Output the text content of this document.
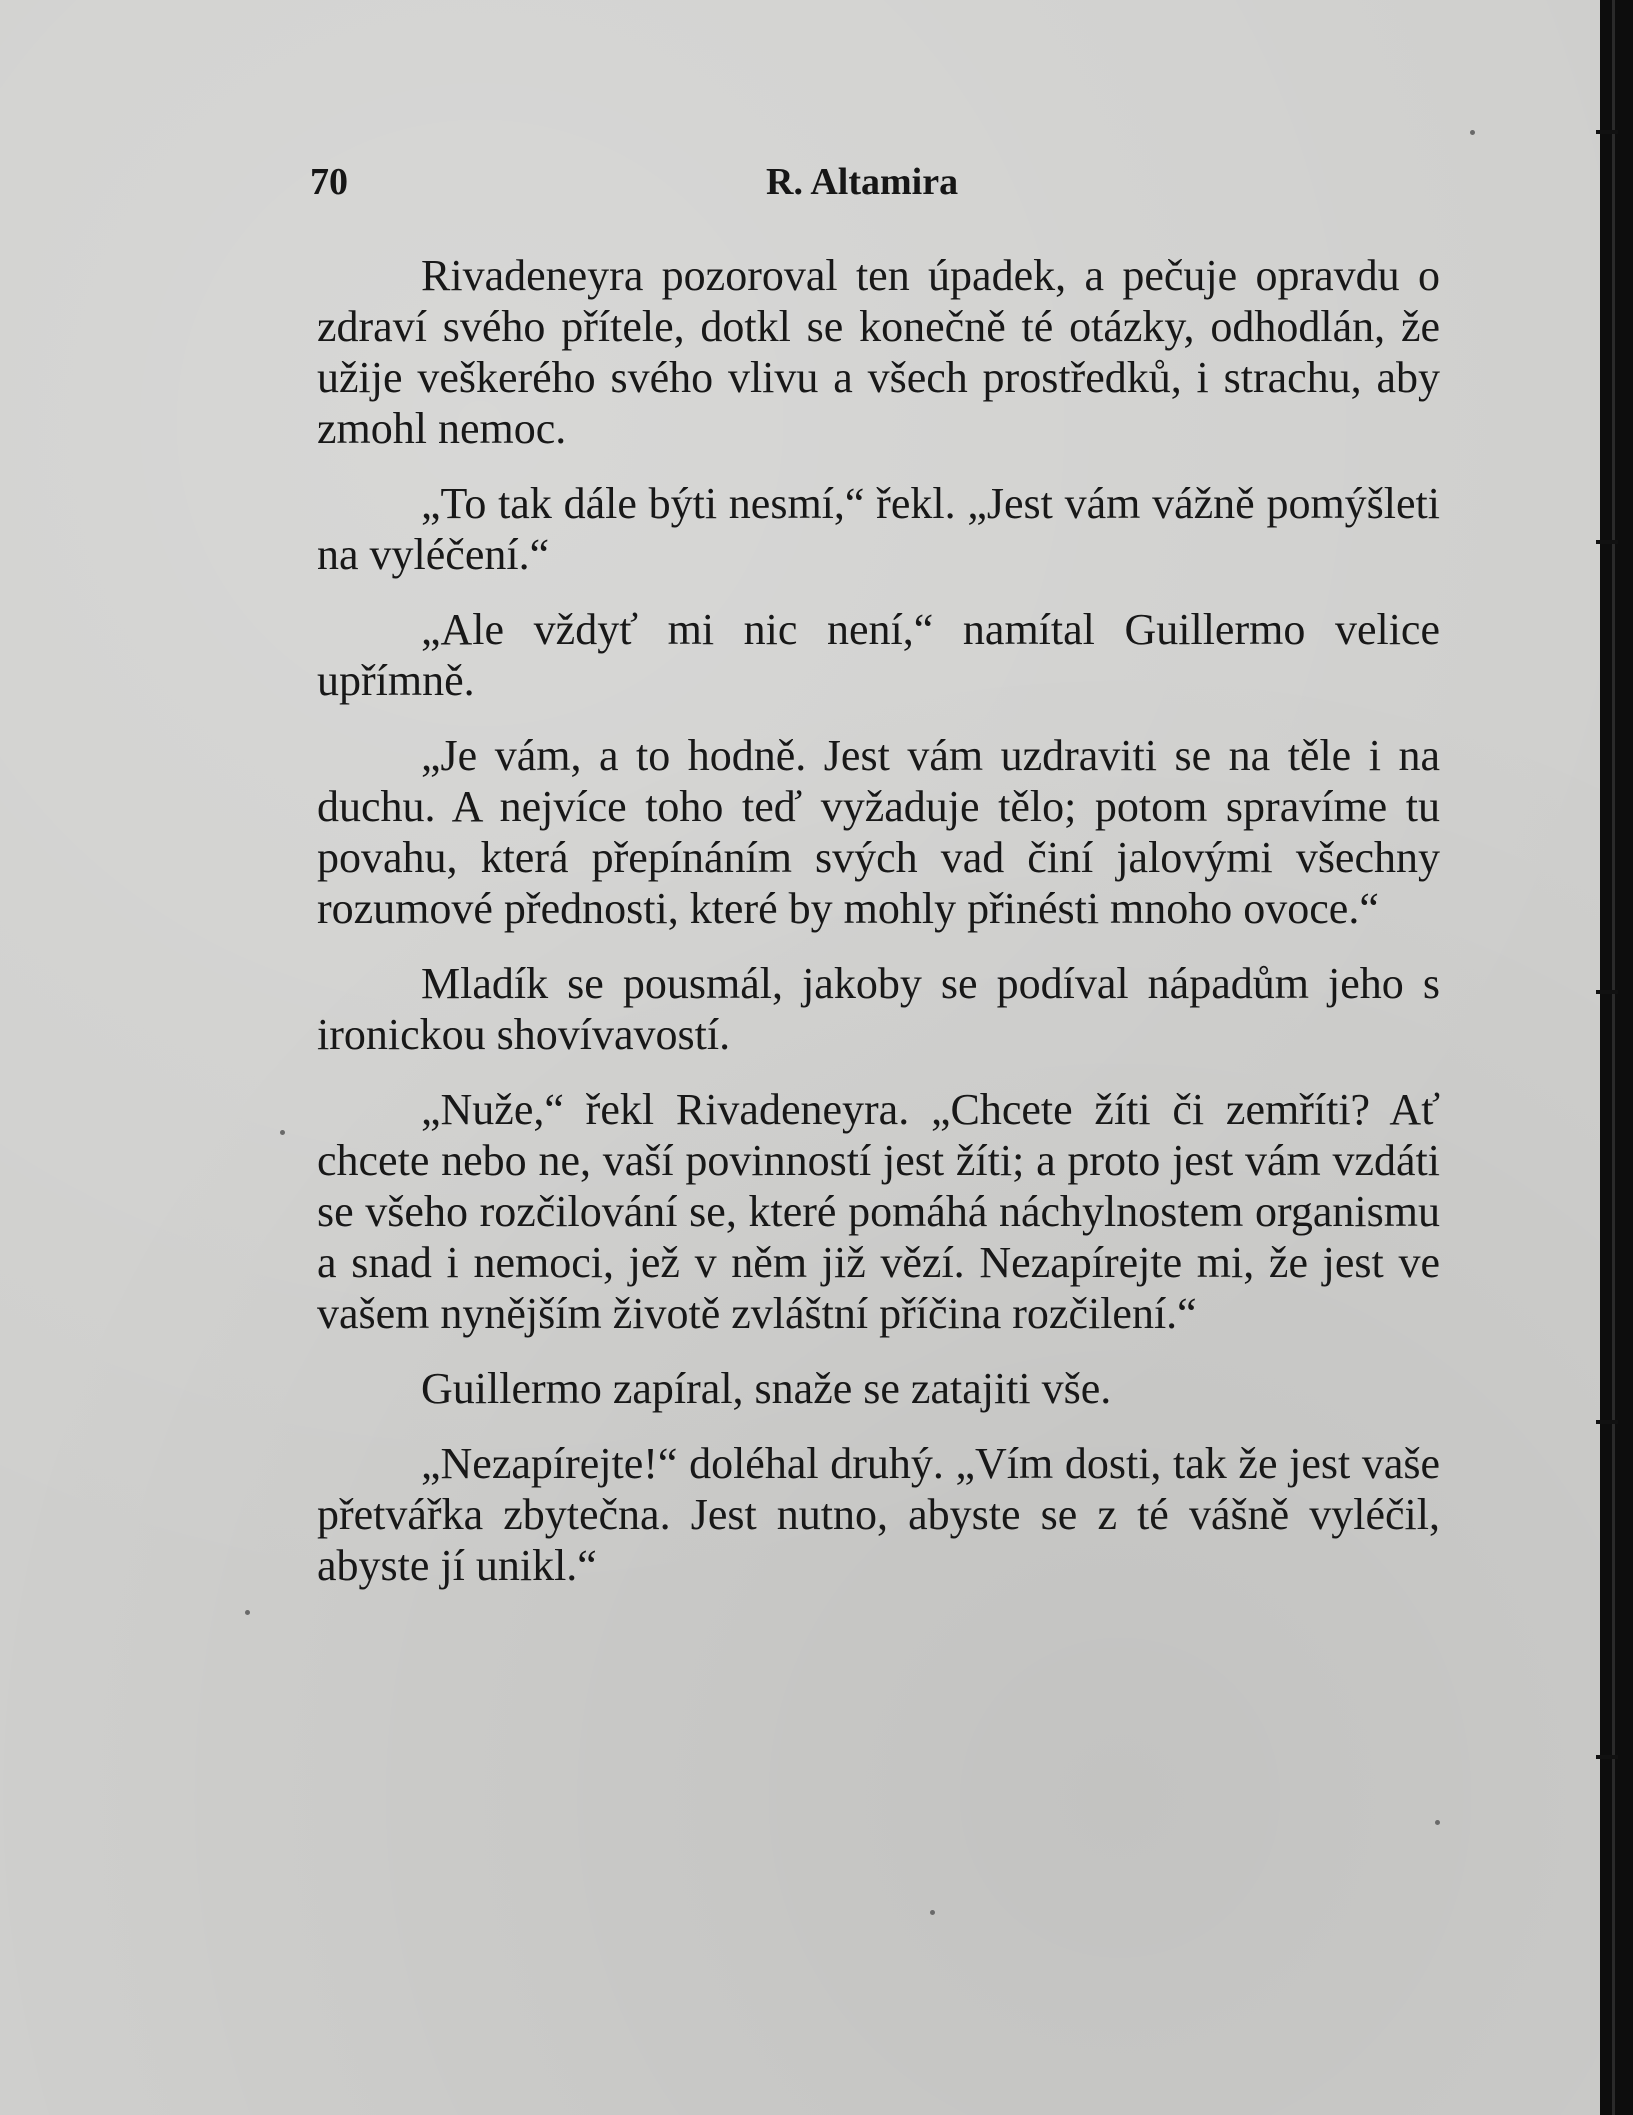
70	R. Altamira

Rivadeneyra pozoroval ten úpadek, a pečuje opravdu o zdraví svého přítele, dotkl se konečně té otázky, odhodlán, že užije veškerého svého vlivu a všech prostředků, i strachu, aby zmohl nemoc.

„To tak dále býti nesmí,“ řekl. „Jest vám vážně pomýšleti na vyléčení.“

„Ale vždyť mi nic není,“ namítal Guillermo velice upřímně.

„Je vám, a to hodně. Jest vám uzdraviti se na těle i na duchu. A nejvíce toho teď vyžaduje tělo; potom spravíme tu povahu, která přepínáním svých vad činí jalovými všechny rozumové přednosti, které by mohly přinésti mnoho ovoce.“

Mladík se pousmál, jakoby se podíval nápadům jeho s ironickou shovívavostí.

„Nuže,“ řekl Rivadeneyra. „Chcete žíti či zemříti? Ať chcete nebo ne, vaší povinností jest žíti; a proto jest vám vzdáti se všeho rozčilování se, které pomáhá náchylnostem organismu a snad i nemoci, jež v něm již vězí. Nezapírejte mi, že jest ve vašem nynějším životě zvláštní příčina rozčilení.“

Guillermo zapíral, snaže se zatajiti vše.

„Nezapírejte!“ doléhal druhý. „Vím dosti, tak že jest vaše přetvářka zbytečna. Jest nutno, abyste se z té vášně vyléčil, abyste jí unikl.“
